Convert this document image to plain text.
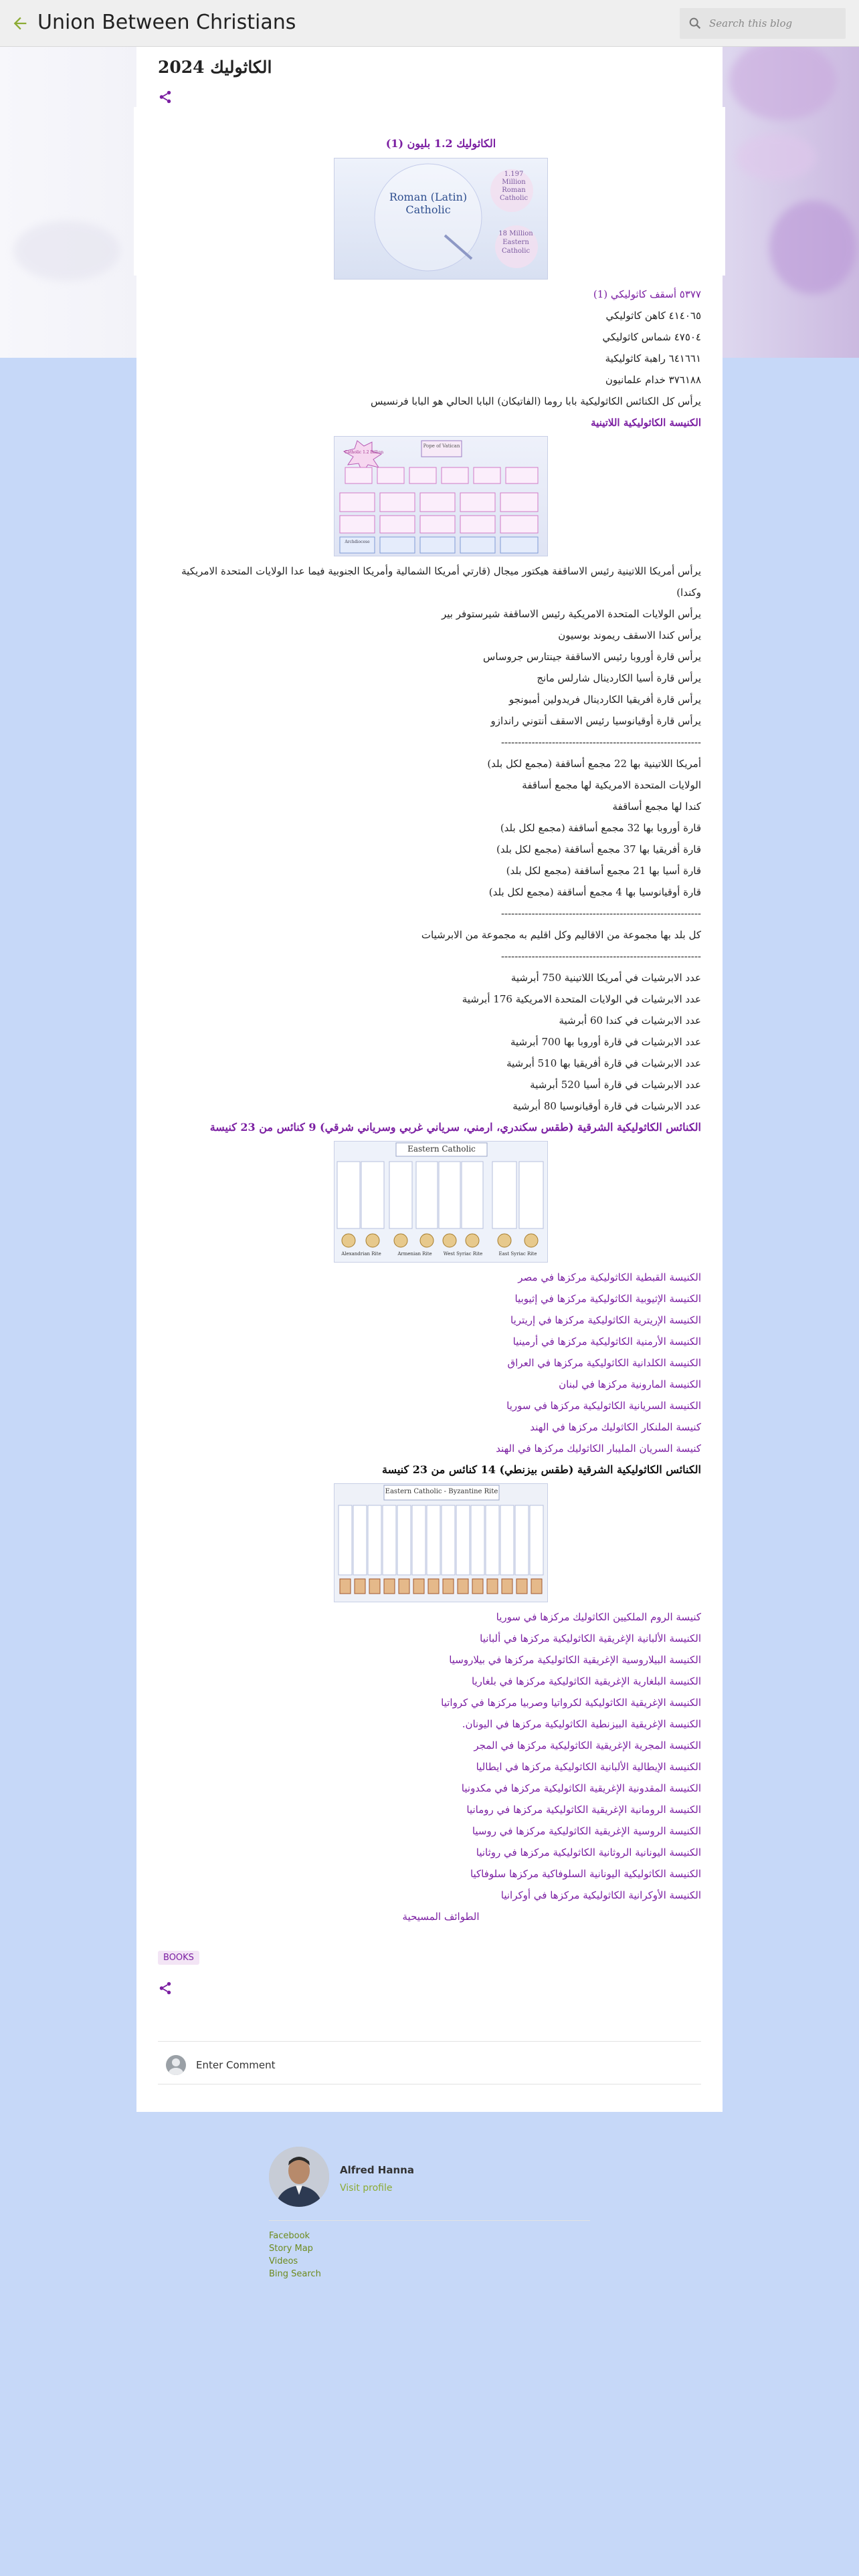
Union Between Christians
Search this blog
الكاثوليك 2024
الكاثوليك 1.2 بليون (1)
Roman (Latin)
Catholic
1.197
Million
Roman
Catholic
18 Million
Eastern
Catholic
٥٣٧٧ أسقف كاثوليكي (1)
٤١٤٠٦٥ كاهن كاثوليكي
٤٧٥٠٤ شماس كاثوليكي
٦٤١٦٦١ راهبة كاثوليكية
٣٧٦١٨٨ خدام علمانيون
يرأس كل الكنائس الكاثوليكية بابا روما (الفاتيكان) البابا الحالي هو البابا فرنسيس
الكنيسة الكاثوليكية اللاتينية
Pope of Vatican
Catholic 1.2 Billion
Archdiocese
يرأس أمريكا اللاتينية رئيس الاساقفة هيكتور ميجال (قارتي أمريكا الشمالية وأمريكا الجنوبية فيما عدا الولايات المتحدة الامريكية وكندا)
يرأس الولايات المتحدة الامريكية رئيس الاساقفة شيرستوفر بير
يرأس كندا الاسقف ريموند بوسيون
يرأس قارة أوروبا رئيس الاساقفة جينتارس جروساس
يرأس قارة أسيا الكاردينال شارلس مانج
يرأس قارة أفريقيا الكاردينال فريدولين أمبونجو
يرأس قارة أوقيانوسيا رئيس الاسقف أنتوني راندازو
-----------------------------------------------------------
أمريكا اللاتينية بها 22 مجمع أساقفة (مجمع لكل بلد)
الولايات المتحدة الامريكية لها مجمع أساقفة
كندا لها مجمع أساقفة
قارة أوروبا بها 32 مجمع أساقفة (مجمع لكل بلد)
قارة أفريقيا بها 37 مجمع أساقفة (مجمع لكل بلد)
قارة أسيا بها 21 مجمع أساقفة (مجمع لكل بلد)
قارة أوقيانوسيا بها 4 مجمع أساقفة (مجمع لكل بلد)
-----------------------------------------------------------
كل بلد بها مجموعة من الاقاليم وكل اقليم به مجموعة من الابرشيات
-----------------------------------------------------------
عدد الابرشيات في أمريكا اللاتينية 750 أبرشية
عدد الابرشيات في الولايات المتحدة الامريكية 176 أبرشية
عدد الابرشيات في كندا 60 أبرشية
عدد الابرشيات في قارة أوروبا بها 700 أبرشية
عدد الابرشيات في قارة أفريقيا بها 510 أبرشية
عدد الابرشيات في قارة أسيا 520 أبرشية
عدد الابرشيات في قارة أوقيانوسيا 80 أبرشية
الكنائس الكاثوليكية الشرقية (طقس سكندري، ارمني، سرياني غربي وسرياني شرقي) 9 كنائس من 23 كنيسة
Eastern Catholic
Alexandrian Rite	Armenian Rite	West Syriac Rite	East Syriac Rite
الكنيسة القبطية الكاثوليكية مركزها في مصر
الكنيسة الإثيوبية الكاثوليكية مركزها في إثيوبيا
الكنيسة الإريترية الكاثوليكية مركزها في إريتريا
الكنيسة الأرمنية الكاثوليكية مركزها في أرمينيا
الكنيسة الكلدانية الكاثوليكية مركزها في العراق
الكنيسة المارونية مركزها في لبنان
الكنيسة السريانية الكاثوليكية مركزها في سوريا
كنيسة الملنكار الكاثوليك مركزها في الهند
كنيسة السريان المليبار الكاثوليك مركزها في الهند
الكنائس الكاثوليكية الشرقية (طقس بيزنطي) 14 كنائس من 23 كنيسة
Eastern Catholic - Byzantine Rite
كنيسة الروم الملكيين الكاثوليك مركزها في سوريا
الكنيسة الألبانية الإغريقية الكاثوليكية مركزها في ألبانيا
الكنيسة البيلاروسية الإغريقية الكاثوليكية مركزها في بيلاروسيا
الكنيسة البلغارية الإغريقية الكاثوليكية مركزها في بلغاريا
الكنيسة الإغريقية الكاثوليكية لكرواتيا وصربيا مركزها في كرواتيا
الكنيسة الإغريقية البيزنطية الكاثوليكية مركزها في اليونان.
الكنيسة المجرية الإغريقية الكاثوليكية مركزها في المجر
الكنيسة الإيطالية الألبانية الكاثوليكية مركزها في ايطاليا
الكنيسة المقدونية الإغريقية الكاثوليكية مركزها في مكدونيا
الكنيسة الرومانية الإغريقية الكاثوليكية مركزها في رومانيا
الكنيسة الروسية الإغريقية الكاثوليكية مركزها في روسيا
الكنيسة اليونانية الروثانية الكاثوليكية مركزها في روثانيا
الكنيسة الكاثوليكية اليونانية السلوفاكية مركزها سلوفاكيا
الكنيسة الأوكرانية الكاثوليكية مركزها في أوكرانيا
الطوائف المسيحية
BOOKS
Enter Comment
Alfred Hanna
Visit profile
Facebook
Story Map
Videos
Bing Search
